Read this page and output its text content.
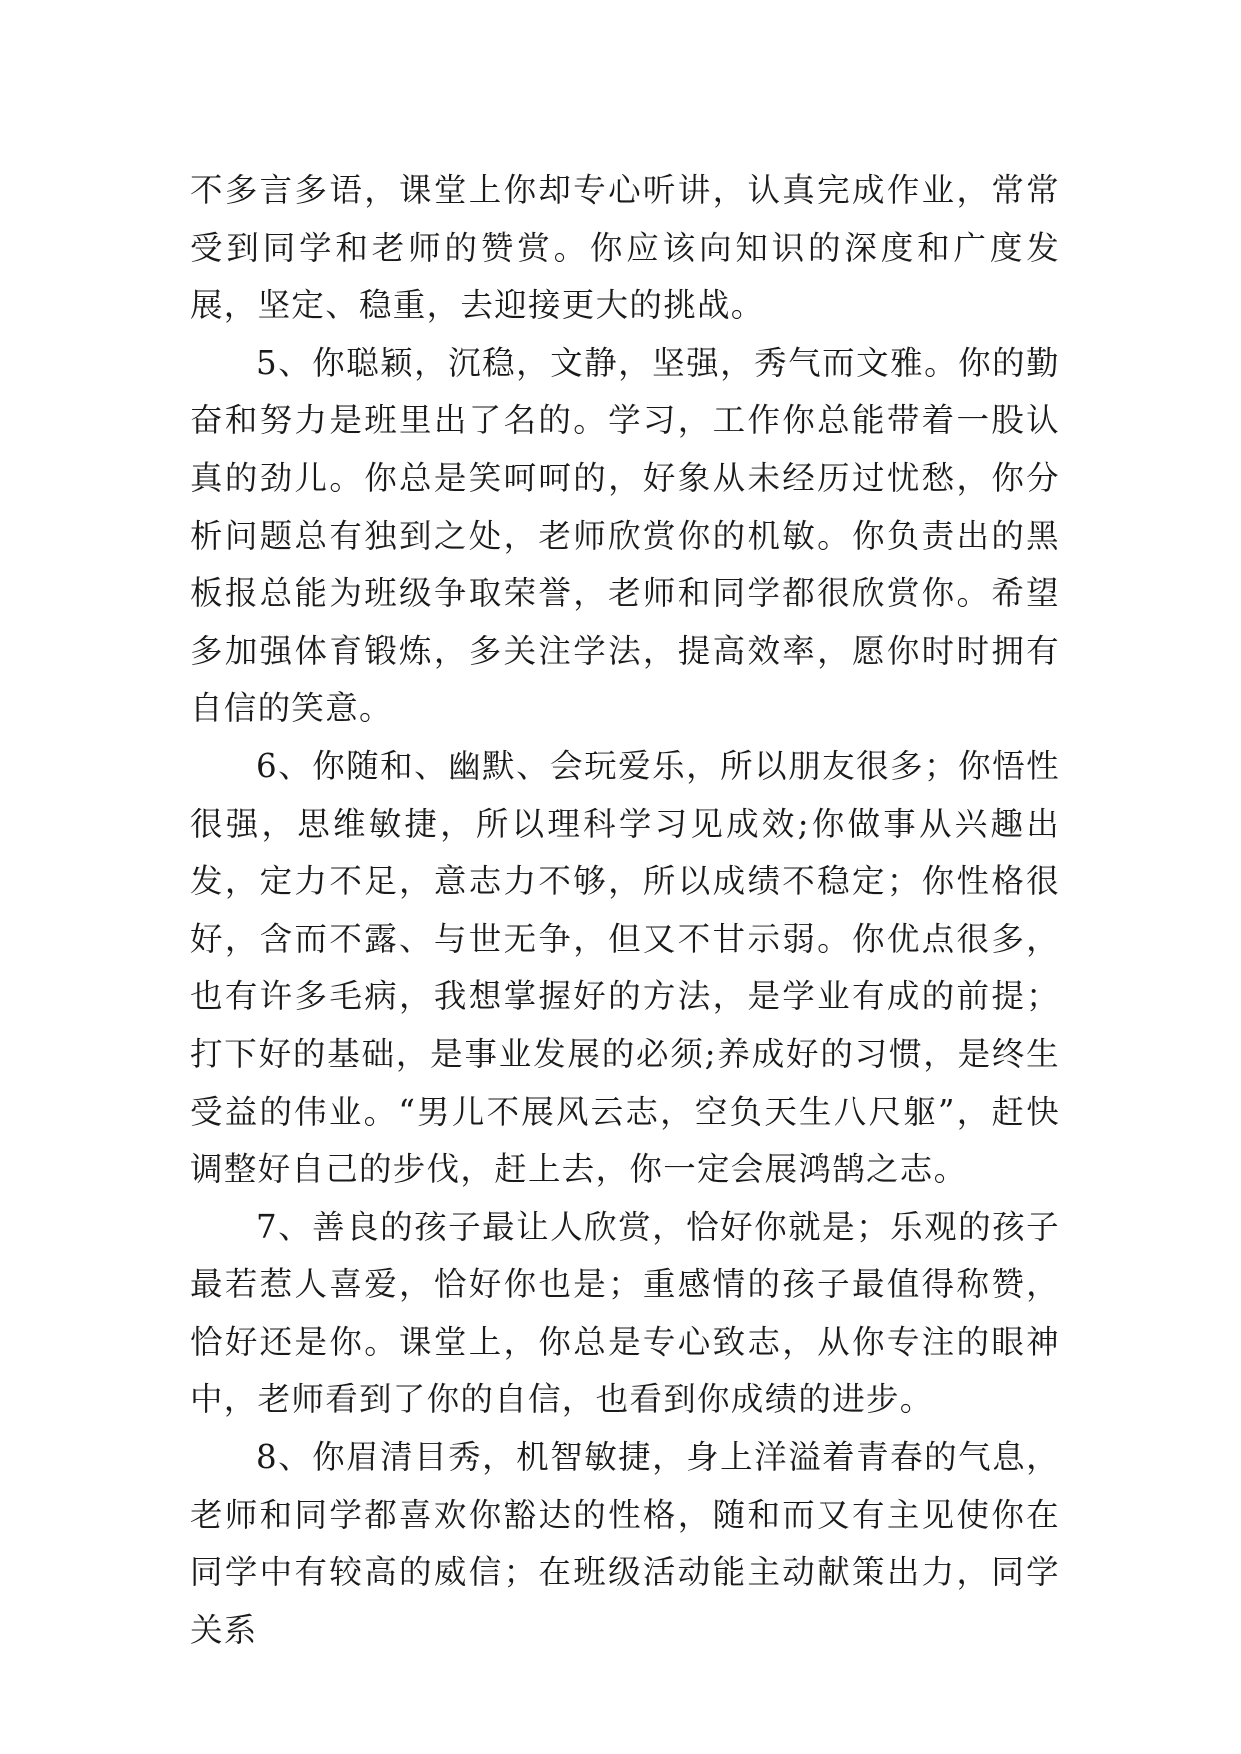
不多言多语，课堂上你却专心听讲，认真完成作业，常常受到同学和老师的赞赏。你应该向知识的深度和广度发展，坚定、稳重，去迎接更大的挑战。

5、你聪颖，沉稳，文静，坚强，秀气而文雅。你的勤奋和努力是班里出了名的。学习，工作你总能带着一股认真的劲儿。你总是笑呵呵的，好象从未经历过忧愁，你分析问题总有独到之处，老师欣赏你的机敏。你负责出的黑板报总能为班级争取荣誉，老师和同学都很欣赏你。希望多加强体育锻炼，多关注学法，提高效率，愿你时时拥有自信的笑意。

6、你随和、幽默、会玩爱乐，所以朋友很多；你悟性很强，思维敏捷，所以理科学习见成效;你做事从兴趣出发，定力不足，意志力不够，所以成绩不稳定；你性格很好，含而不露、与世无争，但又不甘示弱。你优点很多，也有许多毛病，我想掌握好的方法，是学业有成的前提；打下好的基础，是事业发展的必须;养成好的习惯，是终生受益的伟业。“男儿不展风云志，空负天生八尺躯”，赶快调整好自己的步伐，赶上去，你一定会展鸿鹄之志。

7、善良的孩子最让人欣赏，恰好你就是；乐观的孩子最若惹人喜爱，恰好你也是；重感情的孩子最值得称赞，恰好还是你。课堂上，你总是专心致志，从你专注的眼神中，老师看到了你的自信，也看到你成绩的进步。

8、你眉清目秀，机智敏捷，身上洋溢着青春的气息，老师和同学都喜欢你豁达的性格，随和而又有主见使你在同学中有较高的威信；在班级活动能主动献策出力，同学关系
